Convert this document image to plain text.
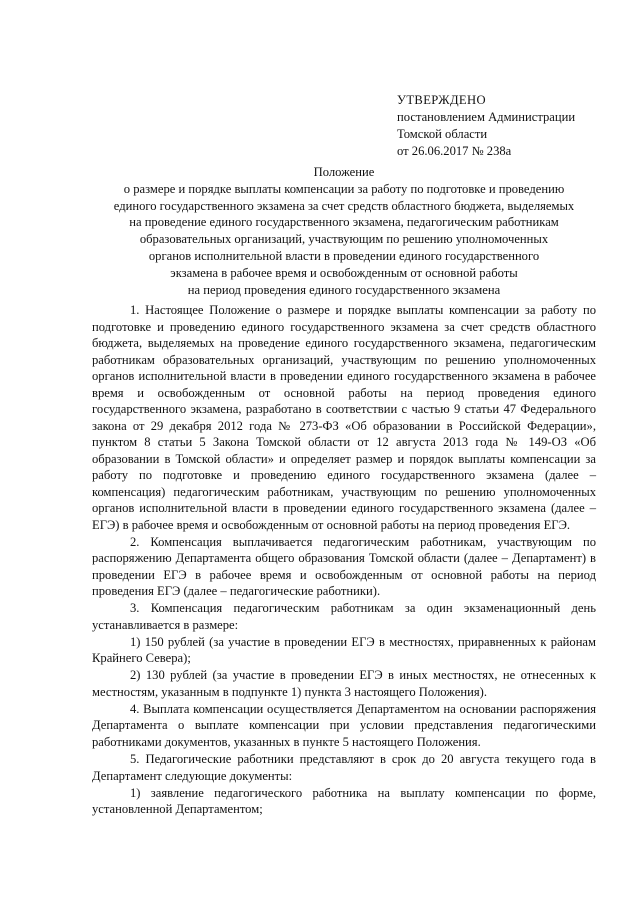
УТВЕРЖДЕНО
постановлением Администрации
Томской области
от 26.06.2017 № 238а
Положение
о размере и порядке выплаты компенсации за работу по подготовке и проведению
единого государственного экзамена за счет средств областного бюджета, выделяемых
на проведение единого государственного экзамена, педагогическим работникам
образовательных организаций, участвующим по решению уполномоченных
органов исполнительной власти в проведении единого государственного
экзамена в рабочее время и освобожденным от основной работы
на период проведения единого государственного экзамена

1. Настоящее Положение о размере и порядке выплаты компенсации за работу по подготовке и проведению единого государственного экзамена за счет средств областного бюджета, выделяемых на проведение единого государственного экзамена, педагогическим работникам образовательных организаций, участвующим по решению уполномоченных органов исполнительной власти в проведении единого государственного экзамена в рабочее время и освобожденным от основной работы на период проведения единого государственного экзамена, разработано в соответствии с частью 9 статьи 47 Федерального закона от 29 декабря 2012 года № 273-ФЗ «Об образовании в Российской Федерации», пунктом 8 статьи 5 Закона Томской области от 12 августа 2013 года № 149-ОЗ «Об образовании в Томской области» и определяет размер и порядок выплаты компенсации за работу по подготовке и проведению единого государственного экзамена (далее – компенсация) педагогическим работникам, участвующим по решению уполномоченных органов исполнительной власти в проведении единого государственного экзамена (далее – ЕГЭ) в рабочее время и освобожденным от основной работы на период проведения ЕГЭ.

2. Компенсация выплачивается педагогическим работникам, участвующим по распоряжению Департамента общего образования Томской области (далее – Департамент) в проведении ЕГЭ в рабочее время и освобожденным от основной работы на период проведения ЕГЭ (далее – педагогические работники).

3. Компенсация педагогическим работникам за один экзаменационный день устанавливается в размере:

1) 150 рублей (за участие в проведении ЕГЭ в местностях, приравненных к районам Крайнего Севера);

2) 130 рублей (за участие в проведении ЕГЭ в иных местностях, не отнесенных к местностям, указанным в подпункте 1) пункта 3 настоящего Положения).

4. Выплата компенсации осуществляется Департаментом на основании распоряжения Департамента о выплате компенсации при условии представления педагогическими работниками документов, указанных в пункте 5 настоящего Положения.

5. Педагогические работники представляют в срок до 20 августа текущего года в Департамент следующие документы:

1) заявление педагогического работника на выплату компенсации по форме, установленной Департаментом;
